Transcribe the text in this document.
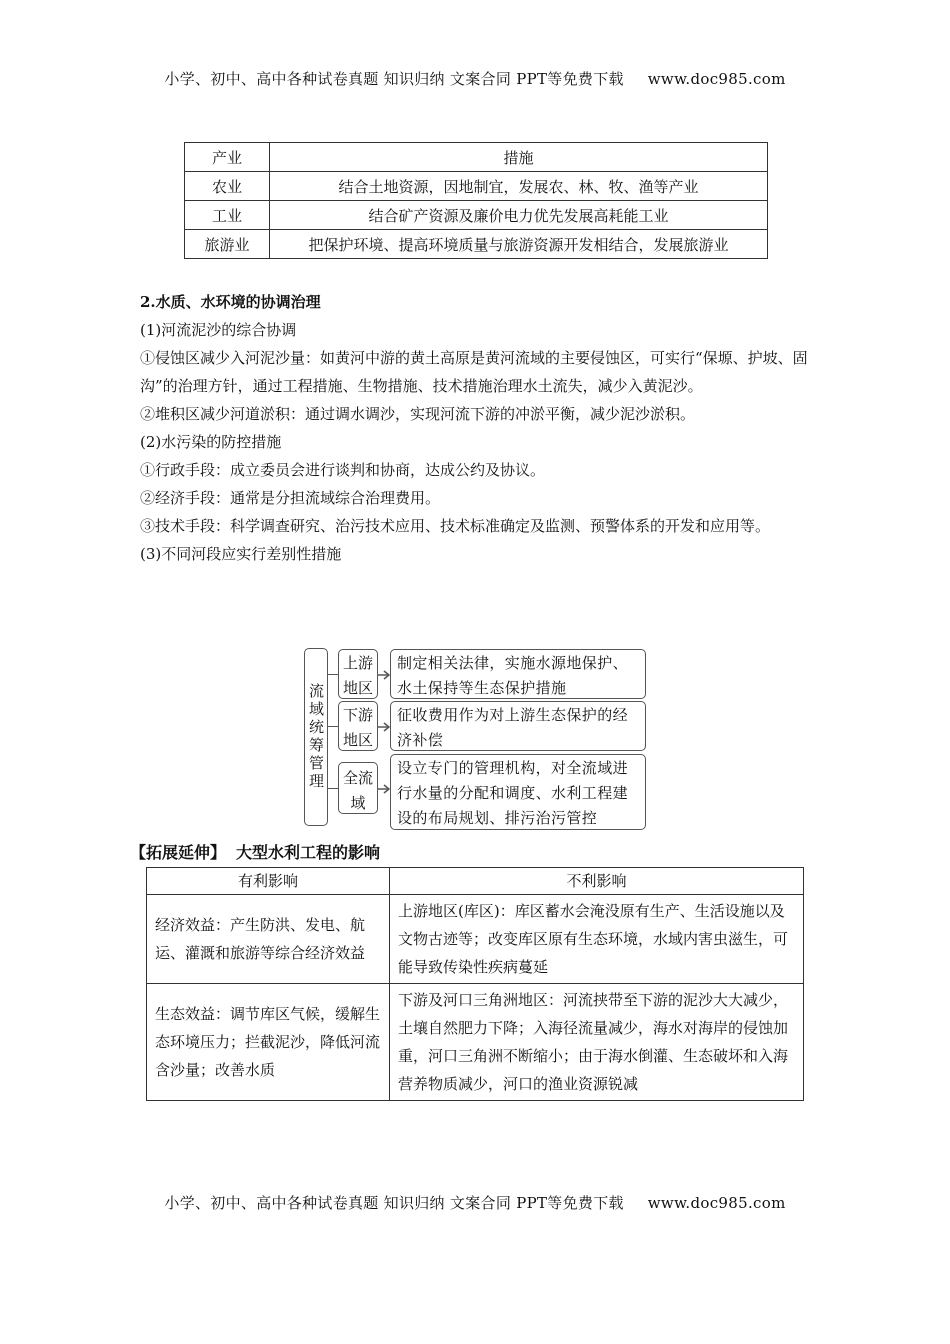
小学、初中、高中各种试卷真题 知识归纳 文案合同 PPT等免费下载 www.doc985.com
产业	措施
农业	结合土地资源，因地制宜，发展农、林、牧、渔等产业
工业	结合矿产资源及廉价电力优先发展高耗能工业
旅游业	把保护环境、提高环境质量与旅游资源开发相结合，发展旅游业

2.水质、水环境的协调治理

(1)河流泥沙的综合协调

①侵蚀区减少入河泥沙量：如黄河中游的黄土高原是黄河流域的主要侵蚀区，可实行“保塬、护坡、固沟”的治理方针，通过工程措施、生物措施、技术措施治理水土流失，减少入黄泥沙。

②堆积区减少河道淤积：通过调水调沙，实现河流下游的冲淤平衡，减少泥沙淤积。

(2)水污染的防控措施

①行政手段：成立委员会进行谈判和协商，达成公约及协议。

②经济手段：通常是分担流域综合治理费用。

③技术手段：科学调查研究、治污技术应用、技术标准确定及监测、预警体系的开发和应用等。

(3)不同河段应实行差别性措施

流域统筹管理
上游地区
下游地区
全流域
制定相关法律，实施水源地保护、水土保持等生态保护措施
征收费用作为对上游生态保护的经济补偿
设立专门的管理机构，对全流域进行水量的分配和调度、水利工程建设的布局规划、排污治污管控
【拓展延伸】 大型水利工程的影响
有利影响	不利影响
经济效益：产生防洪、发电、航运、灌溉和旅游等综合经济效益	上游地区(库区)：库区蓄水会淹没原有生产、生活设施以及文物古迹等；改变库区原有生态环境，水域内害虫滋生，可能导致传染性疾病蔓延
生态效益：调节库区气候，缓解生态环境压力；拦截泥沙，降低河流含沙量；改善水质	下游及河口三角洲地区：河流挟带至下游的泥沙大大减少，土壤自然肥力下降；入海径流量减少，海水对海岸的侵蚀加重，河口三角洲不断缩小；由于海水倒灌、生态破坏和入海营养物质减少，河口的渔业资源锐减
小学、初中、高中各种试卷真题 知识归纳 文案合同 PPT等免费下载 www.doc985.com
